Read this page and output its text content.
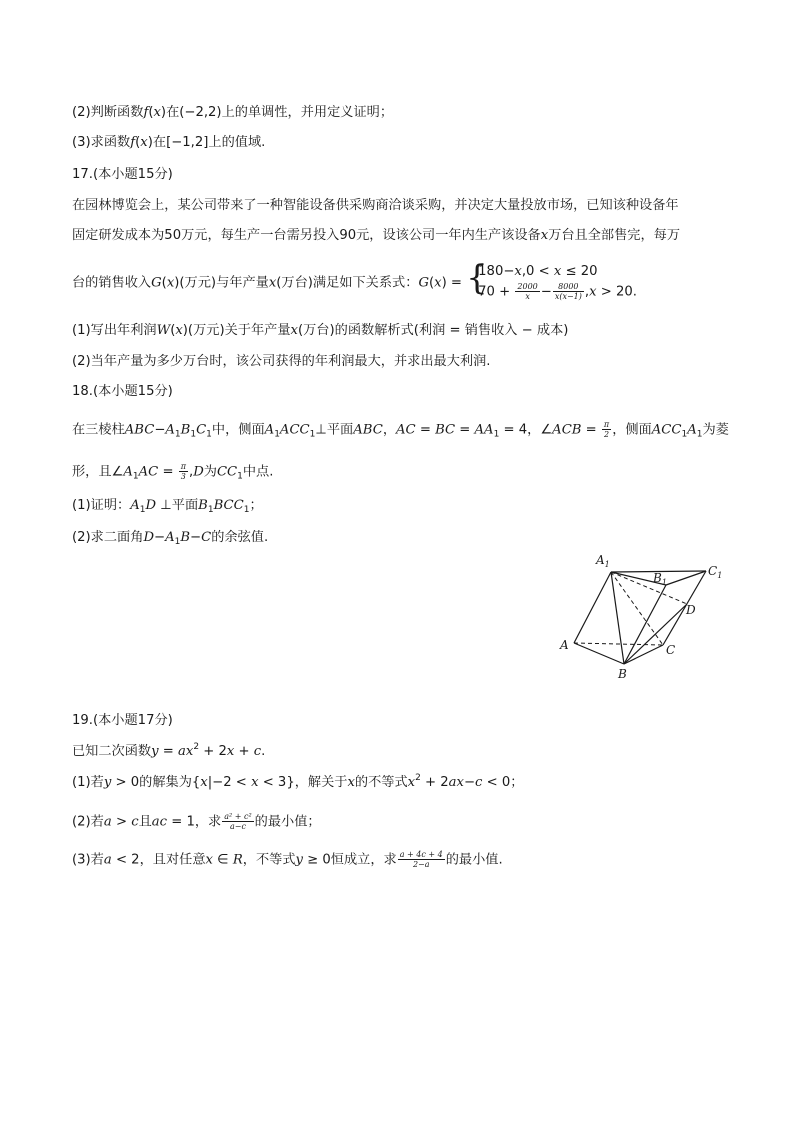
(2)判断函数f(x)在(−2,2)上的单调性，并用定义证明；
(3)求函数f(x)在[−1,2]上的值域.
17.(本小题15分)
在园林博览会上，某公司带来了一种智能设备供采购商洽谈采购，并决定大量投放市场，已知该种设备年
固定研发成本为50万元，每生产一台需另投入90元，设该公司一年内生产该设备x万台且全部售完，每万
台的销售收入G(x)(万元)与年产量x(万台)满足如下关系式：G(x) = {
180−x,0 < x ≤ 20
$70 + \frac{2000}{x} - \frac{8000}{x(x-1)} ,x > 20$.
(1)写出年利润W(x)(万元)关于年产量x(万台)的函数解析式(利润 = 销售收入 − 成本)
(2)当年产量为多少万台时，该公司获得的年利润最大，并求出最大利润.
18.(本小题15分)
在三棱柱$ABC-A_1B_1C_1$中，侧面$A_1ACC_1\perp$平面ABC，AC = BC = $AA_1 = 4$，∠ACB = $\frac{\pi}{2}$ ，侧面$ACC_1A_1$为菱
形，且$\angle A_1AC = \frac{\pi}{3} ,D$为$CC_1$中点.
(1)证明：$A_1D$ ⊥平面$B_1BCC_1$；
(2)求二面角$D-A_1B-C$的余弦值.
$A_1$
$B_1$
$C_1$
A
B
C
D
19.(本小题17分)
已知二次函数$y = ax^2 + 2x + c$.
(1)若y > 0的解集为{x|−2 < x < 3}，解关于x的不等式$x^2 + 2ax-c < 0$；
(2)若a > c且ac = 1，求 $\frac{\text{a² + c²}}{a-c}$ 的最小值；
(3)若a < 2，且对任意x ∈ R，不等式y ≥ 0恒成立，求 $\frac{a + 4c + 4}{2-a}$ 的最小值.
